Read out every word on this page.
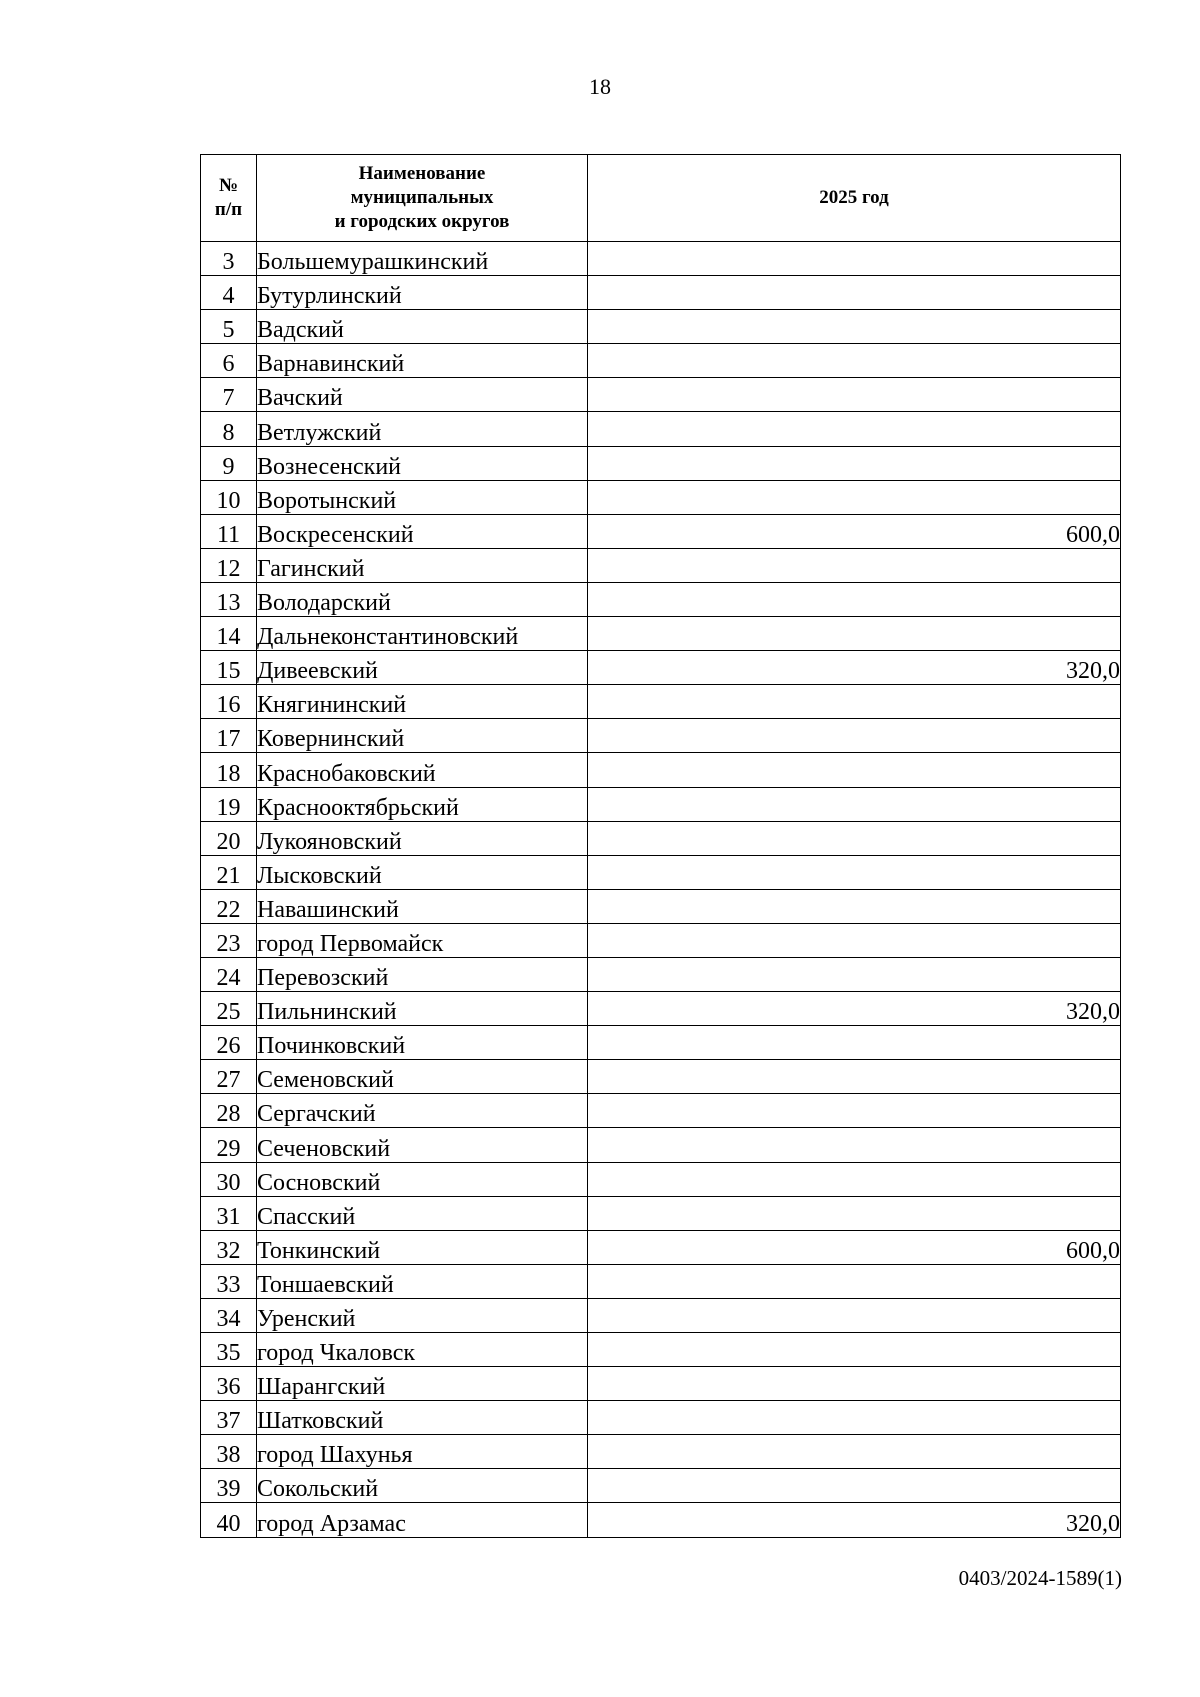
18
№
п/п	Наименование
муниципальных
и городских округов	2025 год
3	Большемурашкинский	
4	Бутурлинский	
5	Вадский	
6	Варнавинский	
7	Вачский	
8	Ветлужский	
9	Вознесенский	
10	Воротынский	
11	Воскресенский	600,0
12	Гагинский	
13	Володарский	
14	Дальнеконстантиновский	
15	Дивеевский	320,0
16	Княгининский	
17	Ковернинский	
18	Краснобаковский	
19	Краснооктябрьский	
20	Лукояновский	
21	Лысковский	
22	Навашинский	
23	город Первомайск	
24	Перевозский	
25	Пильнинский	320,0
26	Починковский	
27	Семеновский	
28	Сергачский	
29	Сеченовский	
30	Сосновский	
31	Спасский	
32	Тонкинский	600,0
33	Тоншаевский	
34	Уренский	
35	город Чкаловск	
36	Шарангский	
37	Шатковский	
38	город Шахунья	
39	Сокольский	
40	город Арзамас	320,0
0403/2024-1589(1)
